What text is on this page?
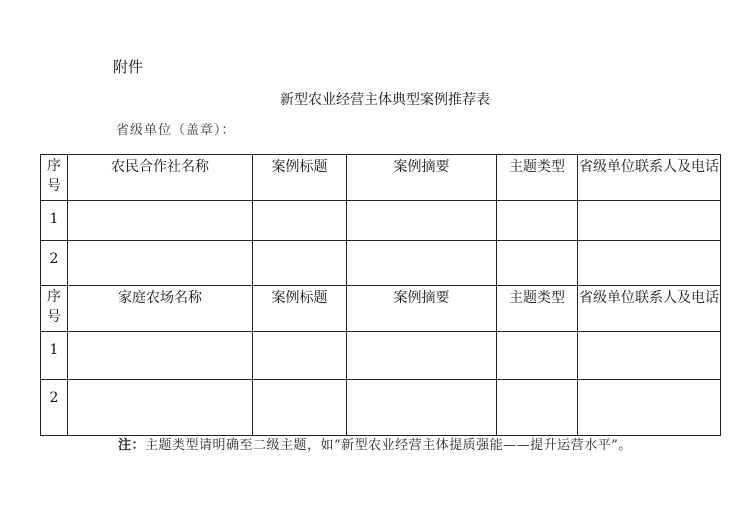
附件
新型农业经营主体典型案例推荐表
省级单位（盖章）：
序号	农民合作社名称	案例标题	案例摘要	主题类型	省级单位联系人及电话
1					
2					
序号	家庭农场名称	案例标题	案例摘要	主题类型	省级单位联系人及电话
1					
2					
注：主题类型请明确至二级主题，如“新型农业经营主体提质强能——提升运营水平”。
